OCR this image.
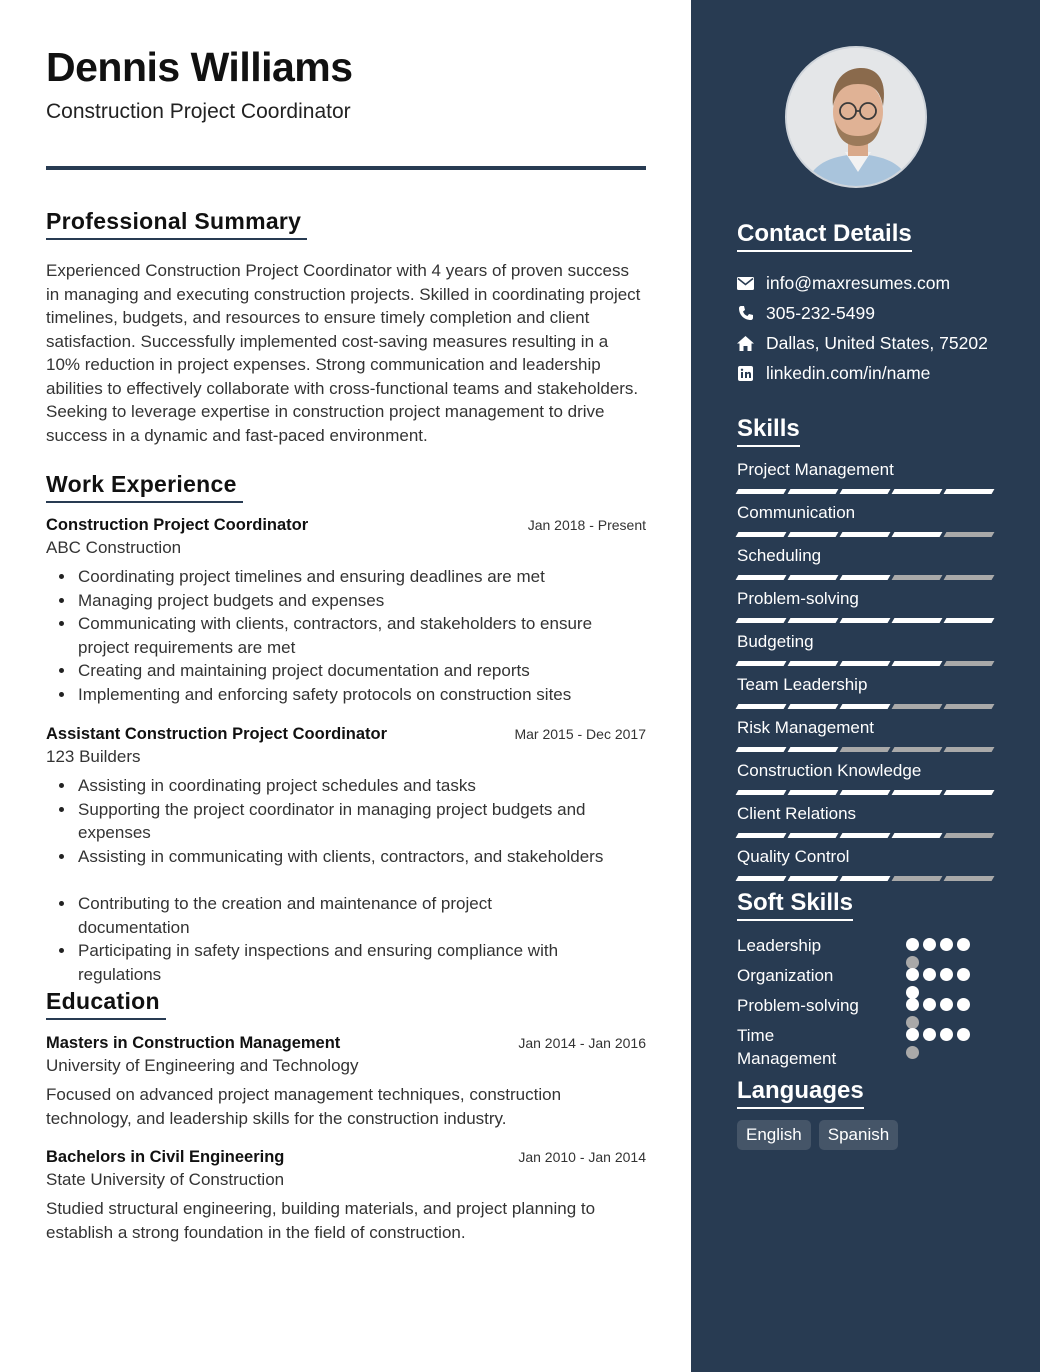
Dennis Williams
Construction Project Coordinator
Professional Summary
Experienced Construction Project Coordinator with 4 years of proven success in managing and executing construction projects. Skilled in coordinating project timelines, budgets, and resources to ensure timely completion and client satisfaction. Successfully implemented cost-saving measures resulting in a 10% reduction in project expenses. Strong communication and leadership abilities to effectively collaborate with cross-functional teams and stakeholders. Seeking to leverage expertise in construction project management to drive success in a dynamic and fast-paced environment.
Work Experience
Construction Project Coordinator	Jan 2018 - Present
ABC Construction
Coordinating project timelines and ensuring deadlines are met
Managing project budgets and expenses
Communicating with clients, contractors, and stakeholders to ensure project requirements are met
Creating and maintaining project documentation and reports
Implementing and enforcing safety protocols on construction sites
Assistant Construction Project Coordinator	Mar 2015 - Dec 2017
123 Builders
Assisting in coordinating project schedules and tasks
Supporting the project coordinator in managing project budgets and expenses
Assisting in communicating with clients, contractors, and stakeholders
Contributing to the creation and maintenance of project documentation
Participating in safety inspections and ensuring compliance with regulations
Education
Masters in Construction Management	Jan 2014 - Jan 2016
University of Engineering and Technology
Focused on advanced project management techniques, construction technology, and leadership skills for the construction industry.
Bachelors in Civil Engineering	Jan 2010 - Jan 2014
State University of Construction
Studied structural engineering, building materials, and project planning to establish a strong foundation in the field of construction.
Contact Details
info@maxresumes.com
305-232-5499
Dallas, United States, 75202
linkedin.com/in/name
Skills
Project Management
Communication
Scheduling
Problem-solving
Budgeting
Team Leadership
Risk Management
Construction Knowledge
Client Relations
Quality Control
Soft Skills
Leadership
Organization
Problem-solving
Time Management
Languages
English	Spanish
